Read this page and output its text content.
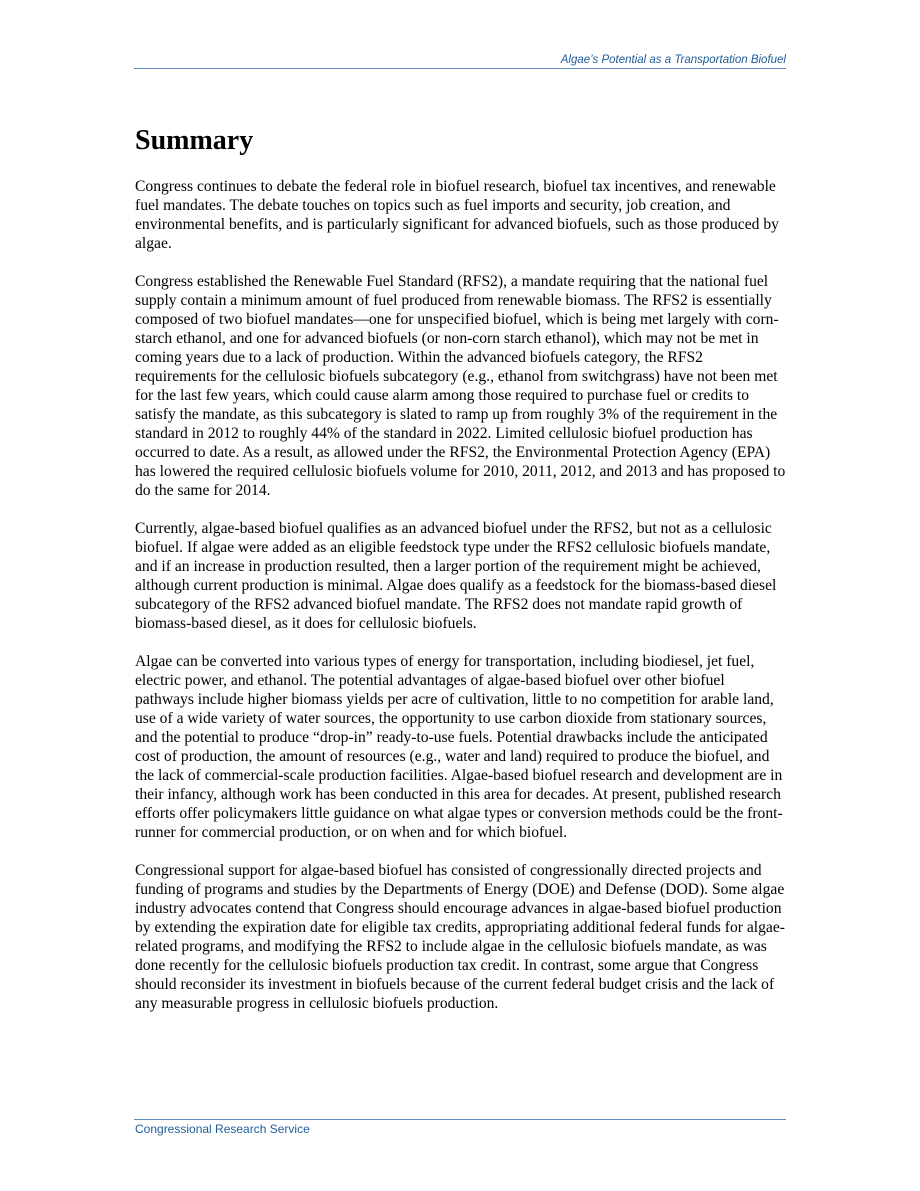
Algae’s Potential as a Transportation Biofuel
Summary

Congress continues to debate the federal role in biofuel research, biofuel tax incentives, and renewable fuel mandates. The debate touches on topics such as fuel imports and security, job creation, and environmental benefits, and is particularly significant for advanced biofuels, such as those produced by algae.

Congress established the Renewable Fuel Standard (RFS2), a mandate requiring that the national fuel supply contain a minimum amount of fuel produced from renewable biomass. The RFS2 is essentially composed of two biofuel mandates—one for unspecified biofuel, which is being met largely with corn-starch ethanol, and one for advanced biofuels (or non-corn starch ethanol), which may not be met in coming years due to a lack of production. Within the advanced biofuels category, the RFS2 requirements for the cellulosic biofuels subcategory (e.g., ethanol from switchgrass) have not been met for the last few years, which could cause alarm among those required to purchase fuel or credits to satisfy the mandate, as this subcategory is slated to ramp up from roughly 3% of the requirement in the standard in 2012 to roughly 44% of the standard in 2022. Limited cellulosic biofuel production has occurred to date. As a result, as allowed under the RFS2, the Environmental Protection Agency (EPA) has lowered the required cellulosic biofuels volume for 2010, 2011, 2012, and 2013 and has proposed to do the same for 2014.

Currently, algae-based biofuel qualifies as an advanced biofuel under the RFS2, but not as a cellulosic biofuel. If algae were added as an eligible feedstock type under the RFS2 cellulosic biofuels mandate, and if an increase in production resulted, then a larger portion of the requirement might be achieved, although current production is minimal. Algae does qualify as a feedstock for the biomass-based diesel subcategory of the RFS2 advanced biofuel mandate. The RFS2 does not mandate rapid growth of biomass-based diesel, as it does for cellulosic biofuels.

Algae can be converted into various types of energy for transportation, including biodiesel, jet fuel, electric power, and ethanol. The potential advantages of algae-based biofuel over other biofuel pathways include higher biomass yields per acre of cultivation, little to no competition for arable land, use of a wide variety of water sources, the opportunity to use carbon dioxide from stationary sources, and the potential to produce “drop-in” ready-to-use fuels. Potential drawbacks include the anticipated cost of production, the amount of resources (e.g., water and land) required to produce the biofuel, and the lack of commercial-scale production facilities. Algae-based biofuel research and development are in their infancy, although work has been conducted in this area for decades. At present, published research efforts offer policymakers little guidance on what algae types or conversion methods could be the front-runner for commercial production, or on when and for which biofuel.

Congressional support for algae-based biofuel has consisted of congressionally directed projects and funding of programs and studies by the Departments of Energy (DOE) and Defense (DOD). Some algae industry advocates contend that Congress should encourage advances in algae-based biofuel production by extending the expiration date for eligible tax credits, appropriating additional federal funds for algae-related programs, and modifying the RFS2 to include algae in the cellulosic biofuels mandate, as was done recently for the cellulosic biofuels production tax credit. In contrast, some argue that Congress should reconsider its investment in biofuels because of the current federal budget crisis and the lack of any measurable progress in cellulosic biofuels production.

Congressional Research Service
